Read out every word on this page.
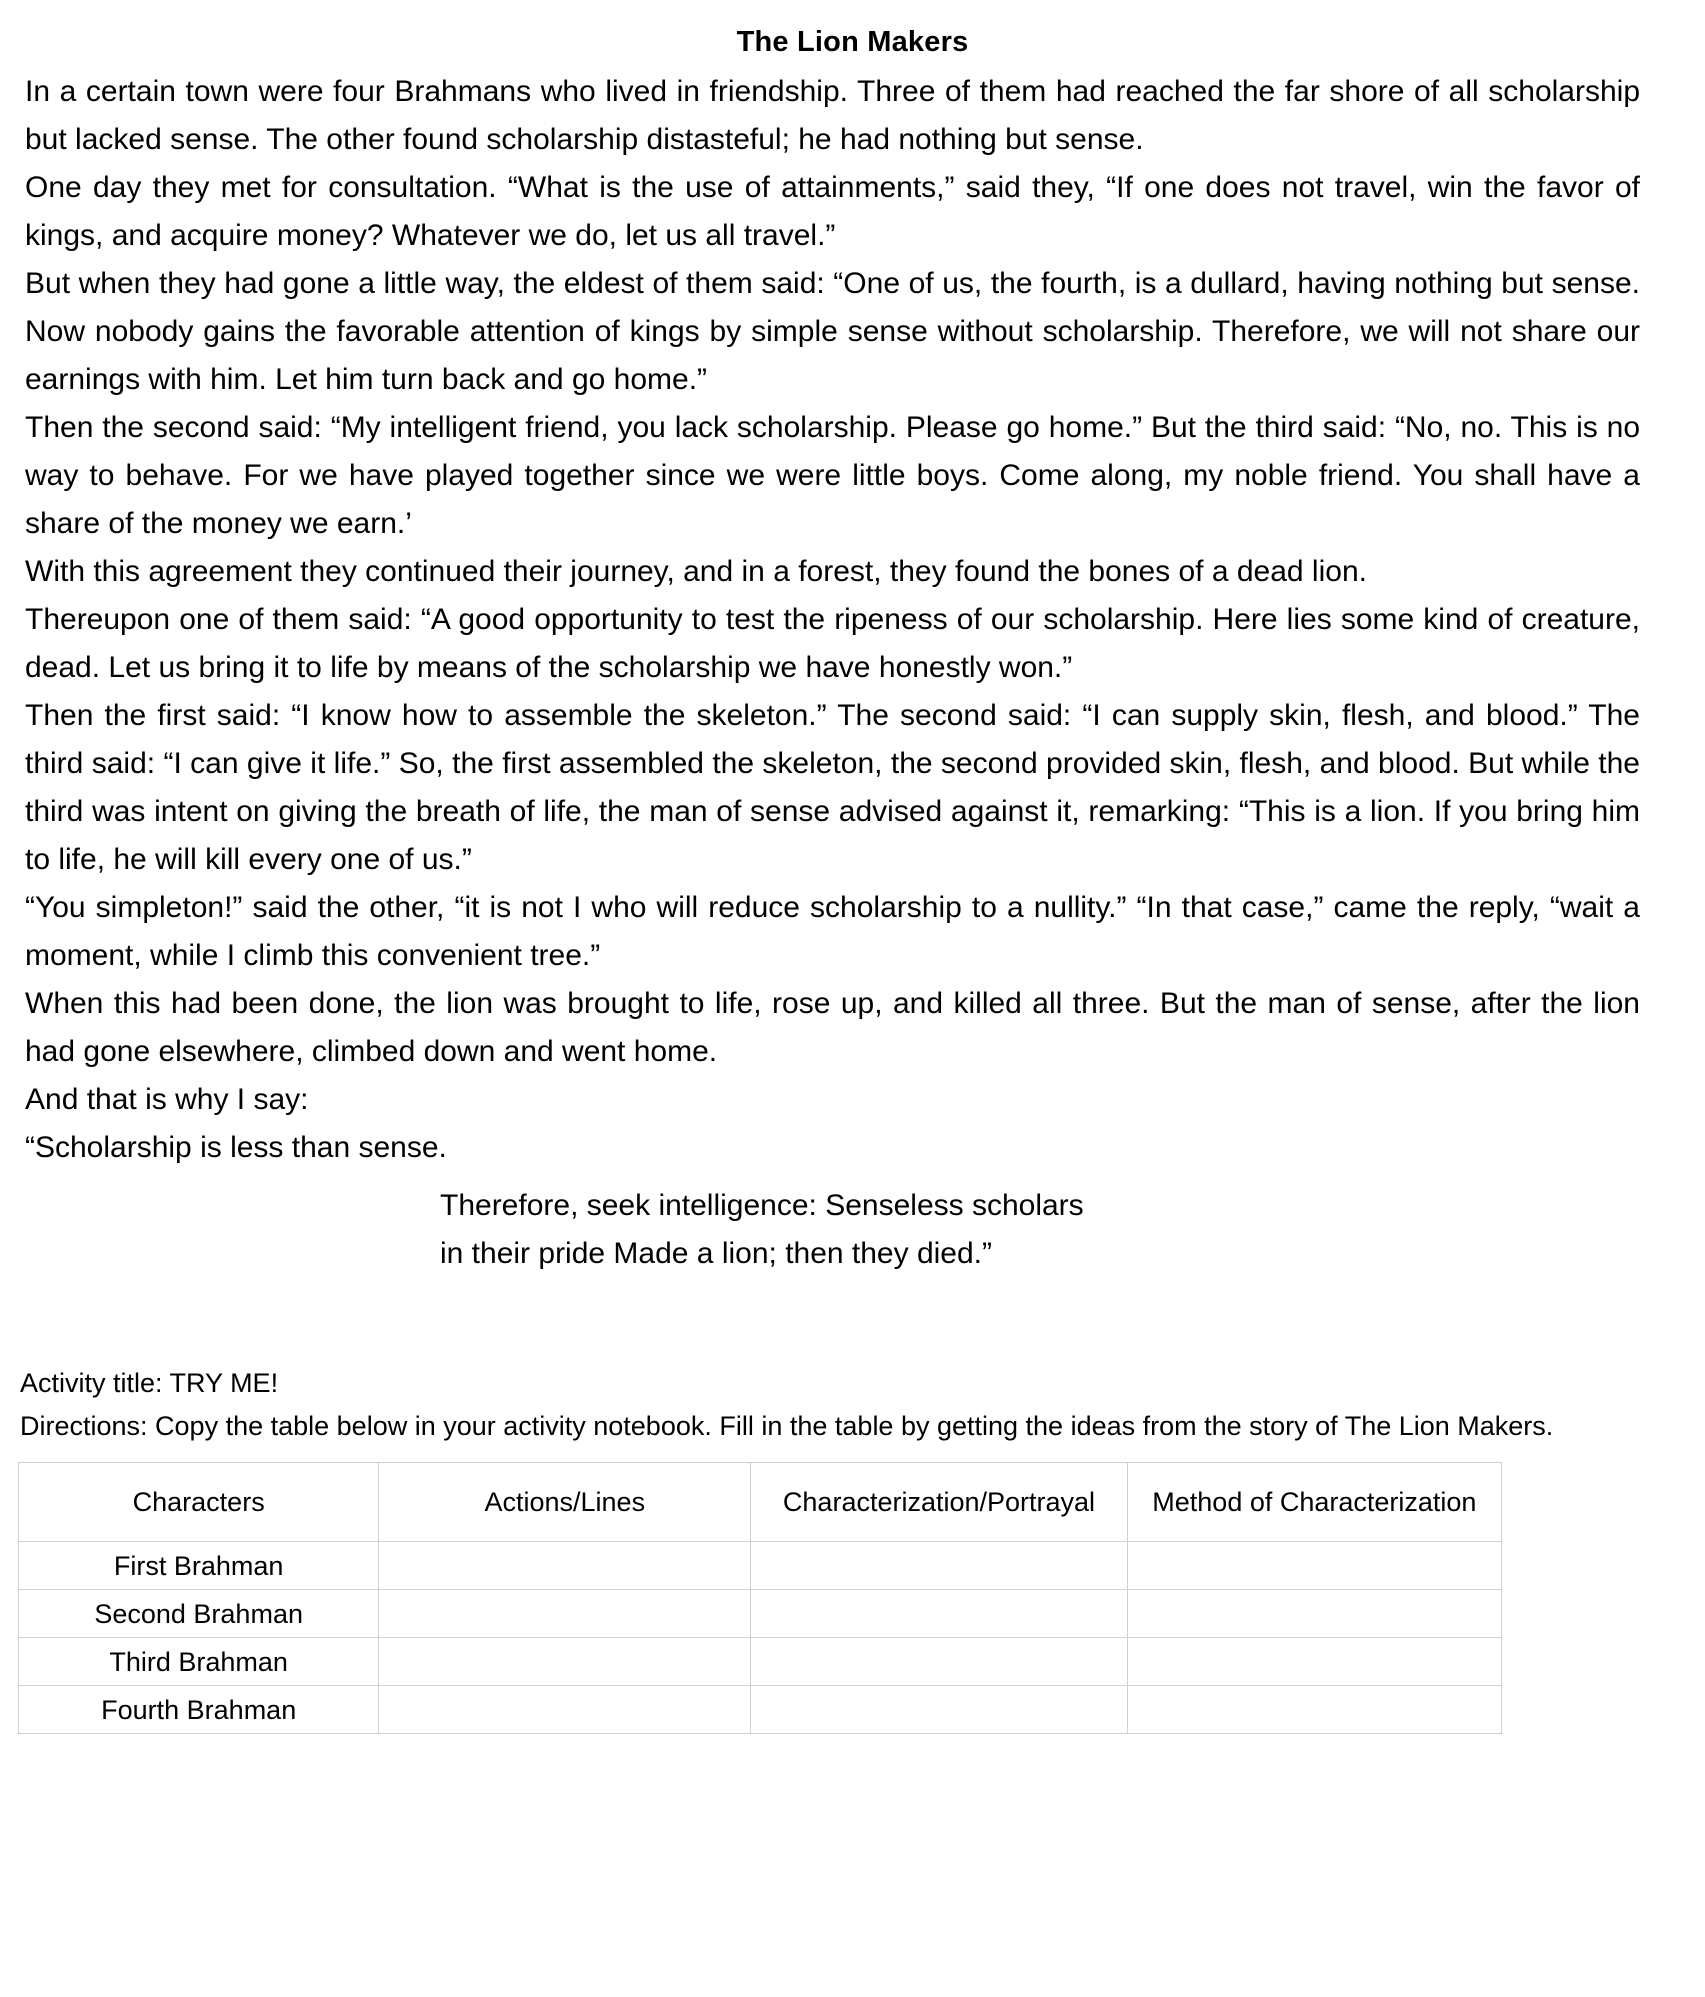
The Lion Makers

In a certain town were four Brahmans who lived in friendship. Three of them had reached the far shore of all scholarship but lacked sense. The other found scholarship distasteful; he had nothing but sense.

One day they met for consultation. “What is the use of attainments,” said they, “If one does not travel, win the favor of kings, and acquire money? Whatever we do, let us all travel.”

But when they had gone a little way, the eldest of them said: “One of us, the fourth, is a dullard, having nothing but sense. Now nobody gains the favorable attention of kings by simple sense without scholarship. Therefore, we will not share our earnings with him. Let him turn back and go home.”

Then the second said: “My intelligent friend, you lack scholarship. Please go home.” But the third said: “No, no. This is no way to behave. For we have played together since we were little boys. Come along, my noble friend. You shall have a share of the money we earn.’

With this agreement they continued their journey, and in a forest, they found the bones of a dead lion.

Thereupon one of them said: “A good opportunity to test the ripeness of our scholarship. Here lies some kind of creature, dead. Let us bring it to life by means of the scholarship we have honestly won.”

Then the first said: “I know how to assemble the skeleton.” The second said: “I can supply skin, flesh, and blood.” The third said: “I can give it life.” So, the first assembled the skeleton, the second provided skin, flesh, and blood. But while the third was intent on giving the breath of life, the man of sense advised against it, remarking: “This is a lion. If you bring him to life, he will kill every one of us.”

“You simpleton!” said the other, “it is not I who will reduce scholarship to a nullity.” “In that case,” came the reply, “wait a moment, while I climb this convenient tree.”

When this had been done, the lion was brought to life, rose up, and killed all three. But the man of sense, after the lion had gone elsewhere, climbed down and went home.

And that is why I say:

“Scholarship is less than sense.

Therefore, seek intelligence: Senseless scholars
in their pride Made a lion; then they died.”

Activity title: TRY ME!

Directions: Copy the table below in your activity notebook. Fill in the table by getting the ideas from the story of The Lion Makers.

Characters	Actions/Lines	Characterization/Portrayal	Method of Characterization
First Brahman			
Second Brahman			
Third Brahman			
Fourth Brahman			
